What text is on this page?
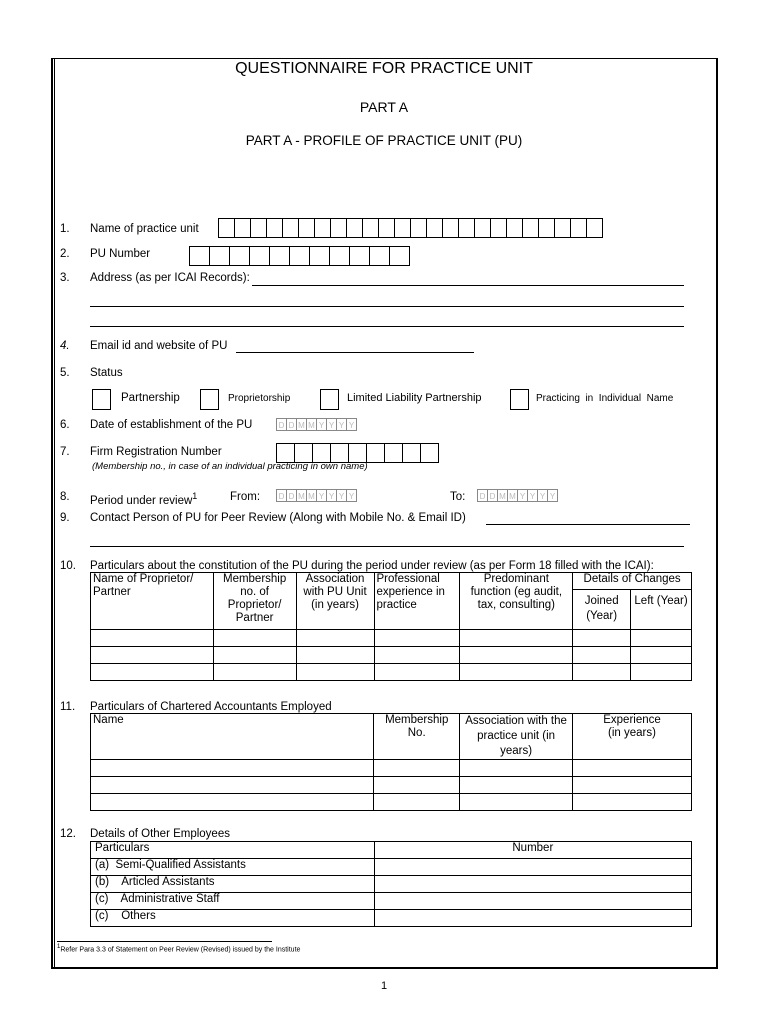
QUESTIONNAIRE FOR PRACTICE UNIT
PART A
PART A - PROFILE OF PRACTICE UNIT (PU)
1.	Name of practice unit
2.	PU Number
3.	Address (as per ICAI Records):
4.	Email id and website of PU
5.	Status
Partnership	Proprietorship	Limited Liability Partnership	Practicing  in  Individual  Name
6.	Date of establishment of the PU	D D M M Y Y Y Y
7.	Firm Registration Number
(Membership no., in case of an individual practicing in own name)
8.	Period under review$^1$	From:	D D M M Y Y Y Y	To:	D D M M Y Y Y Y
9.	Contact Person of PU for Peer Review (Along with Mobile No. & Email ID)
10.	Particulars about the constitution of the PU during the period under review (as per Form 18 filled with the ICAI):
Name of Proprietor/ Partner	Membership no. of Proprietor/ Partner	Association with PU Unit (in years)	Professional experience in practice	Predominant function (eg audit, tax, consulting)	Details of Changes	
					Joined (Year)	Left (Year)

11.	Particulars of Chartered Accountants Employed
Name	Membership No.	Association with the practice unit (in years)	Experience (in years)

12.	Details of Other Employees
Particulars	Number
(a)  Semi-Qualified Assistants	
(b)    Articled Assistants	
(c)    Administrative Staff	
(c)    Others	
$^1$Refer Para 3.3 of Statement on Peer Review (Revised) issued by the Institute
1
